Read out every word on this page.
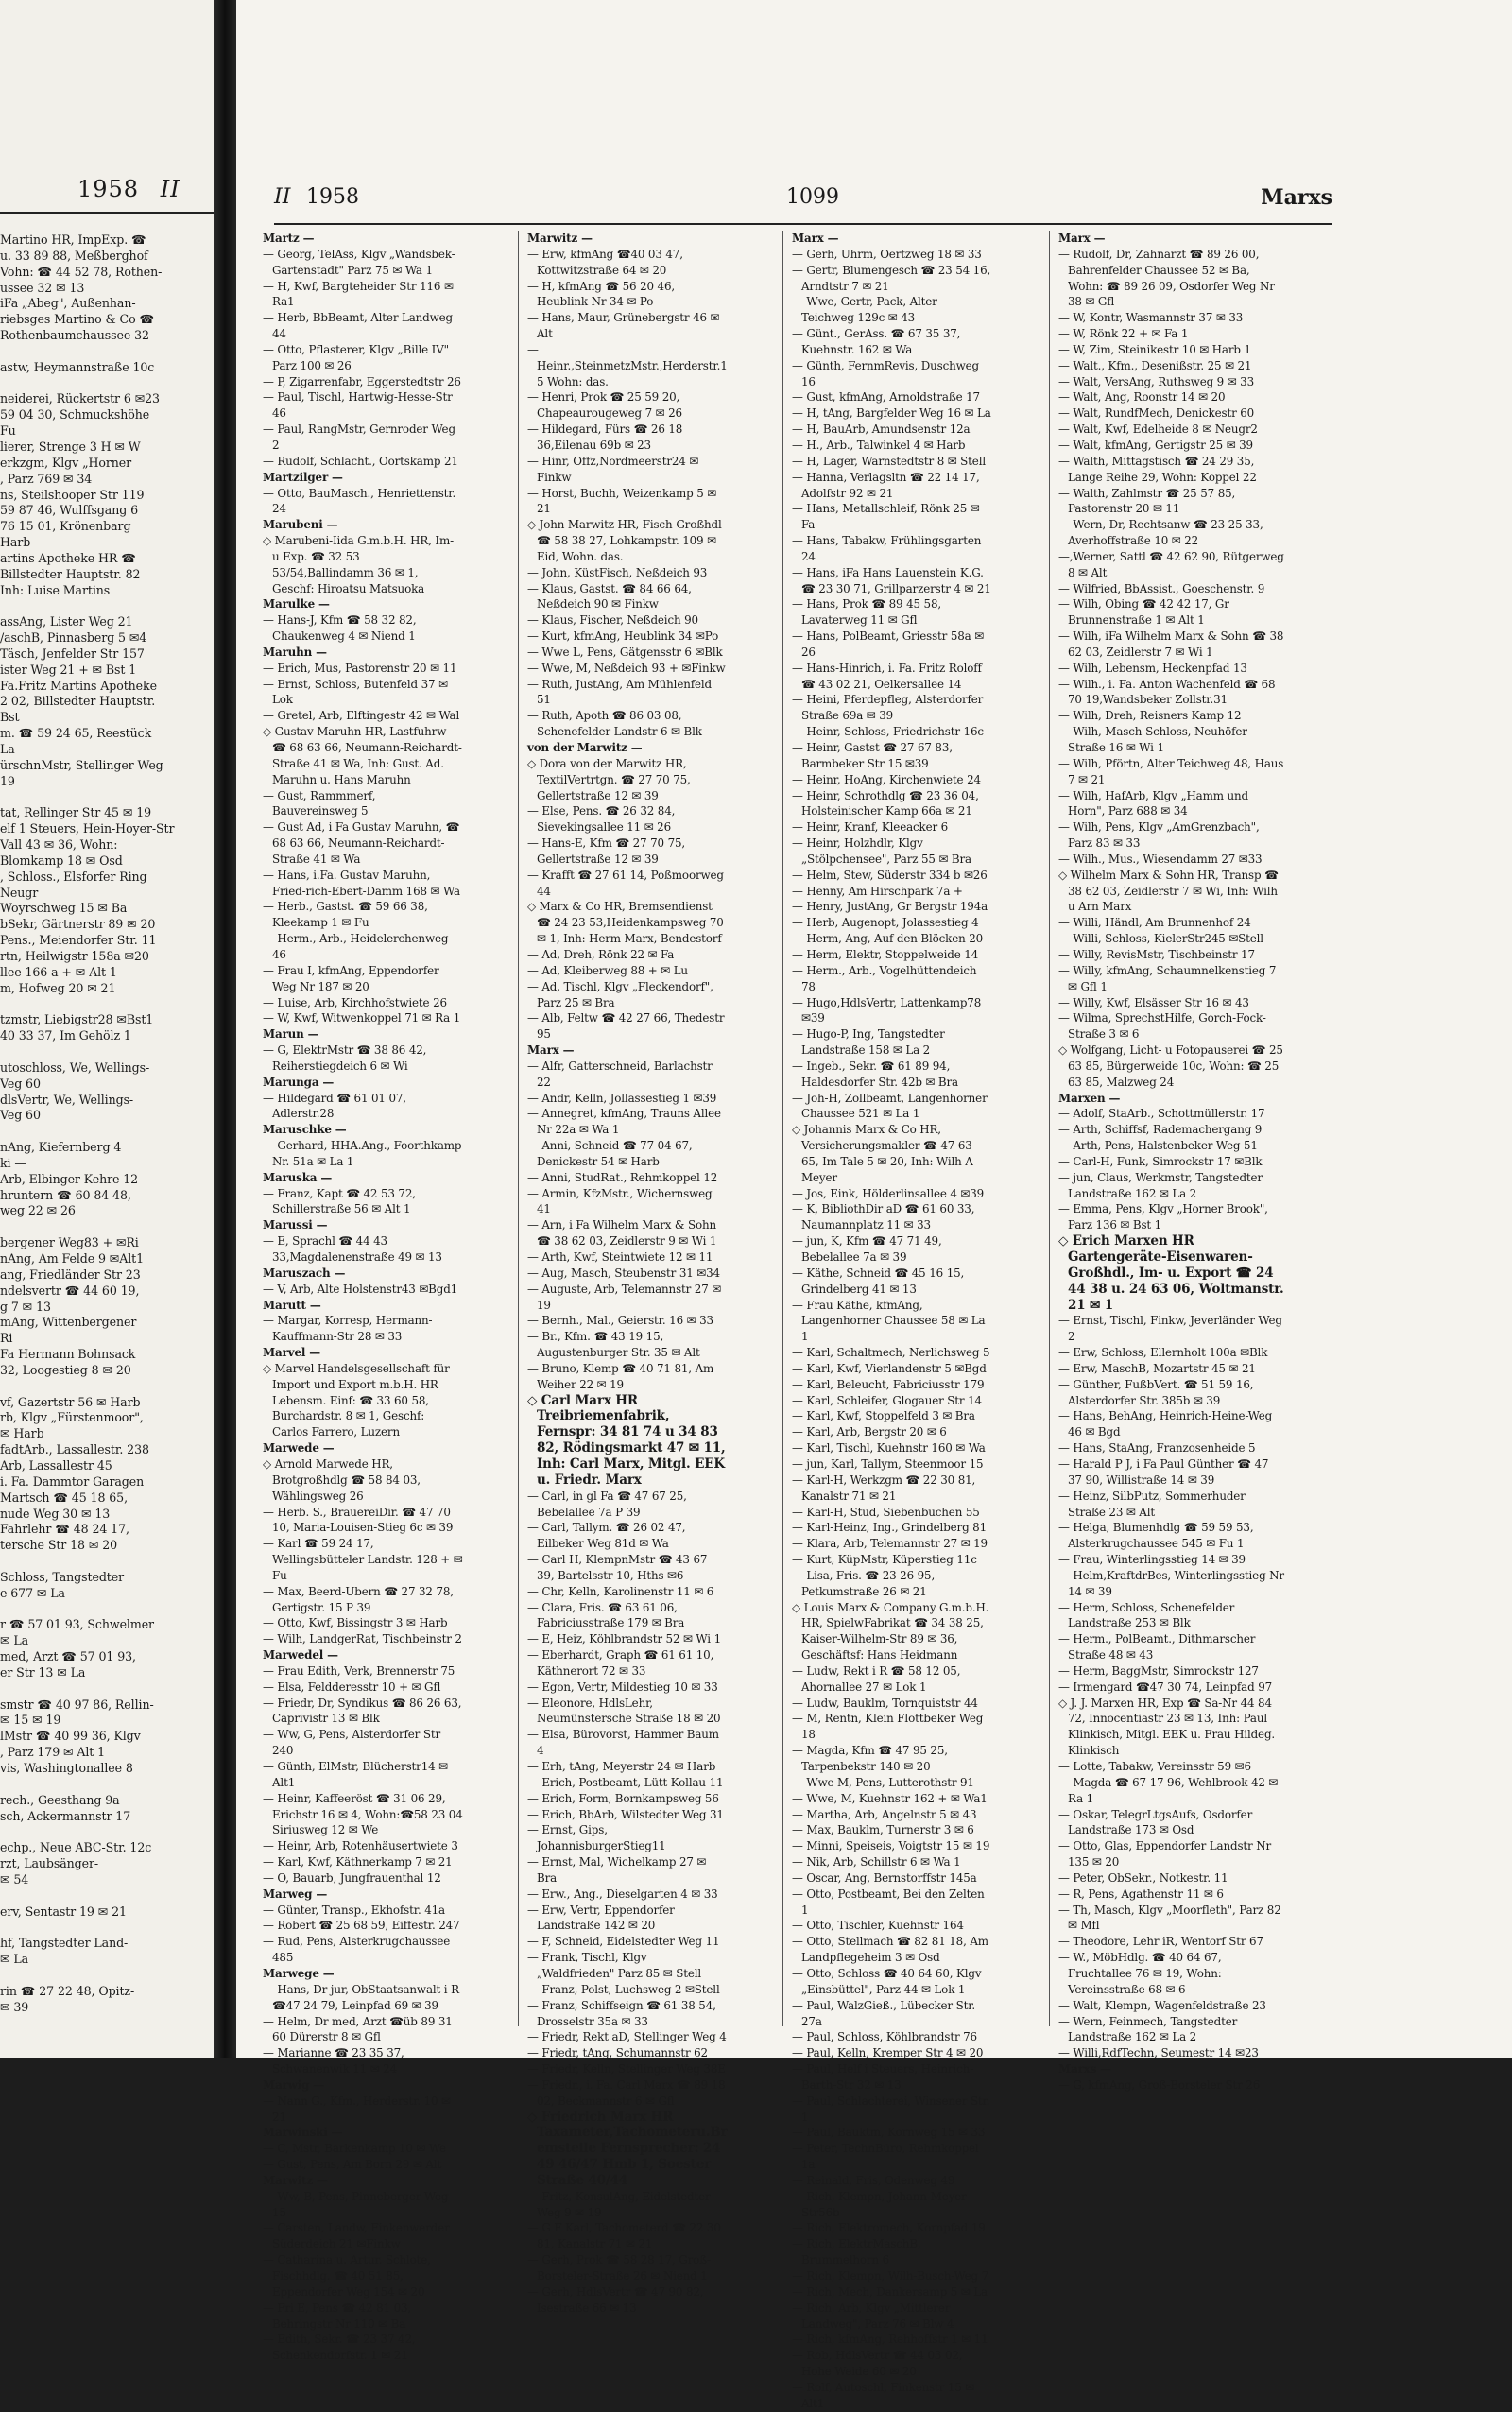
1958 II
Martino HR, ImpExp. ☎
u. 33 89 88, Meßberghof
Vohn: ☎ 44 52 78, Rothen-
ussee 32 ✉ 13
iFa „Abeg", Außenhan-
riebsges Martino & Co ☎
Rothenbaumchaussee 32

astw, Heymannstraße 10c

neiderei, Rückertstr 6 ✉23
59 04 30, Schmuckshöhe
Fu
lierer, Strenge 3 H ✉ W
erkzgm, Klgv „Horner
, Parz 769 ✉ 34
ns, Steilshooper Str 119
59 87 46, Wulffsgang 6
76 15 01, Krönenbarg
Harb
artins Apotheke HR ☎
Billstedter Hauptstr. 82
Inh: Luise Martins

assAng, Lister Weg 21
/aschB, Pinnasberg 5 ✉4
Täsch, Jenfelder Str 157
ister Weg 21 + ✉ Bst 1
Fa.Fritz Martins Apotheke
2 02, Billstedter Hauptstr.
Bst
m. ☎ 59 24 65, Reestück
La
ürschnMstr, Stellinger Weg
19

tat, Rellinger Str 45 ✉ 19
elf 1 Steuers, Hein-Hoyer-Str
Vall 43 ✉ 36, Wohn:
Blomkamp 18 ✉ Osd
, Schloss., Elsforfer Ring
Neugr
Woyrschweg 15 ✉ Ba
bSekr, Gärtnerstr 89 ✉ 20
Pens., Meiendorfer Str. 11
rtn, Heilwigstr 158a ✉20
llee 166 a + ✉ Alt 1
m, Hofweg 20 ✉ 21

tzmstr, Liebigstr28 ✉Bst1
40 33 37, Im Gehölz 1

utoschloss, We, Wellings-
Veg 60
dlsVertr, We, Wellings-
Veg 60

nAng, Kiefernberg 4
ki —
Arb, Elbinger Kehre 12
hruntern ☎ 60 84 48,
weg 22 ✉ 26

bergener Weg83 + ✉Ri
nAng, Am Felde 9 ✉Alt1
ang, Friedländer Str 23
ndelsvertr ☎ 44 60 19,
g 7 ✉ 13
mAng, Wittenbergener
Ri
Fa Hermann Bohnsack
32, Loogestieg 8 ✉ 20

vf, Gazertstr 56 ✉ Harb
rb, Klgv „Fürstenmoor",
✉ Harb
fadtArb., Lassallestr. 238
Arb, Lassallestr 45
i. Fa. Dammtor Garagen
Martsch ☎ 45 18 65,
nude Weg 30 ✉ 13
Fahrlehr ☎ 48 24 17,
tersche Str 18 ✉ 20

Schloss, Tangstedter
e 677 ✉ La

r ☎ 57 01 93, Schwelmer
✉ La
med, Arzt ☎ 57 01 93,
er Str 13 ✉ La

smstr ☎ 40 97 86, Rellin-
✉ 15 ✉ 19
lMstr ☎ 40 99 36, Klgv
, Parz 179 ✉ Alt 1
vis, Washingtonallee 8

rech., Geesthang 9a
sch, Ackermannstr 17

echp., Neue ABC-Str. 12c
rzt, Laubsänger-
✉ 54

erv, Sentastr 19 ✉ 21

hf, Tangstedter Land-
✉ La

rin ☎ 27 22 48, Opitz-
✉ 39
II 1958	1099	Marxs
Martz —
— Georg, TelAss, Klgv „Wandsbek-Gartenstadt" Parz 75 ✉ Wa 1
— H, Kwf, Bargteheider Str 116 ✉Ra1
— Herb, BbBeamt, Alter Landweg 44
— Otto, Pflasterer, Klgv „Bille IV" Parz 100 ✉ 26
— P, Zigarrenfabr, Eggerstedtstr 26
— Paul, Tischl, Hartwig-Hesse-Str 46
— Paul, RangMstr, Gernroder Weg 2
— Rudolf, Schlacht., Oortskamp 21
Martzilger —
— Otto, BauMasch., Henriettenstr. 24
Marubeni —
◇ Marubeni-Iida G.m.b.H. HR, Im- u Exp. ☎ 32 53 53/54,Ballindamm 36 ✉ 1, Geschf: Hiroatsu Matsuoka
Marulke —
— Hans-J, Kfm ☎ 58 32 82, Chaukenweg 4 ✉ Niend 1
Maruhn —
— Erich, Mus, Pastorenstr 20 ✉ 11
— Ernst, Schloss, Butenfeld 37 ✉ Lok
— Gretel, Arb, Elftingestr 42 ✉ Wal
◇ Gustav Maruhn HR, Lastfuhrw ☎ 68 63 66, Neumann-Reichardt-Straße 41 ✉ Wa, Inh: Gust. Ad. Maruhn u. Hans Maruhn
— Gust, Rammmerf, Bauvereinsweg 5
— Gust Ad, i Fa Gustav Maruhn, ☎ 68 63 66, Neumann-Reichardt-Straße 41 ✉ Wa
— Hans, i.Fa. Gustav Maruhn, Fried-rich-Ebert-Damm 168 ✉ Wa
— Herb., Gastst. ☎ 59 66 38, Kleekamp 1 ✉ Fu
— Herm., Arb., Heidelerchenweg 46
— Frau I, kfmAng, Eppendorfer Weg Nr 187 ✉ 20
— Luise, Arb, Kirchhofstwiete 26
— W, Kwf, Witwenkoppel 71 ✉ Ra 1
Marun —
— G, ElektrMstr ☎ 38 86 42, Reiherstiegdeich 6 ✉ Wi
Marunga —
— Hildegard ☎ 61 01 07, Adlerstr.28
Maruschke —
— Gerhard, HHA.Ang., Foorthkamp Nr. 51a ✉ La 1
Maruska —
— Franz, Kapt ☎ 42 53 72, Schillerstraße 56 ✉ Alt 1
Marussi —
— E, Sprachl ☎ 44 43 33,Magdalenenstraße 49 ✉ 13
Maruszach —
— V, Arb, Alte Holstenstr43 ✉Bgd1
Marutt —
— Margar, Korresp, Hermann-Kauffmann-Str 28 ✉ 33
Marvel —
◇ Marvel Handelsgesellschaft für Import und Export m.b.H. HR Lebensm. Einf: ☎ 33 60 58, Burchardstr. 8 ✉ 1, Geschf: Carlos Farrero, Luzern
Marwede —
◇ Arnold Marwede HR, Brotgroßhdlg ☎ 58 84 03, Wählingsweg 26
— Herb. S., BrauereiDir. ☎ 47 70 10, Maria-Louisen-Stieg 6c ✉ 39
— Karl ☎ 59 24 17, Wellingsbütteler Landstr. 128 + ✉ Fu
— Max, Beerd-Ubern ☎ 27 32 78, Gertigstr. 15 P 39
— Otto, Kwf, Bissingstr 3 ✉ Harb
— Wilh, LandgerRat, Tischbeinstr 2
Marwedel —
— Frau Edith, Verk, Brennerstr 75
— Elsa, Feldderesstr 10 + ✉ Gfl
— Friedr, Dr, Syndikus ☎ 86 26 63, Caprivistr 13 ✉ Blk
— Ww, G, Pens, Alsterdorfer Str 240
— Günth, ElMstr, Blücherstr14 ✉Alt1
— Heinr, Kaffeeröst ☎ 31 06 29, Erichstr 16 ✉ 4, Wohn:☎58 23 04 Siriusweg 12 ✉ We
— Heinr, Arb, Rotenhäusertwiete 3
— Karl, Kwf, Käthnerkamp 7 ✉ 21
— O, Bauarb, Jungfrauenthal 12
Marweg —
— Günter, Transp., Ekhofstr. 41a
— Robert ☎ 25 68 59, Eiffestr. 247
— Rud, Pens, Alsterkrugchaussee 485
Marwege —
— Hans, Dr jur, ObStaatsanwalt i R ☎47 24 79, Leinpfad 69 ✉ 39
— Helm, Dr med, Arzt ☎üb 89 31 60 Dürerstr 8 ✉ Gfl
— Marianne ☎ 23 35 37, Schwanenwik 11 ✉ 24
Marwig —
— Nann G., Kfm., Herderstr. 10 ✉ 21
Marwinski —
— C, Mstr, Barkenkamp 10 ✉ We
— Gust, Pens, Am Born 29 ✉ Alt
Marwitz —
— Ww, B, Pens, Pinneberger Weg 15
— Carsten, Landw, Finkenwerder Süderdeich 21 ✉Finkw
— Catharina u. Artur. Schlote, Fischhdlg. ☎ 40 51 85, Eppendorfer Weg 154 ✉ 20
— Fri E, Pens ☎ 42 81 03, Behringstr Nr 110 ✉ Ba
— Edith, Sekr. ☎ 23 37 42, Schenkendorfstr. 1 ✉ 21
Marwitz —
— Erw, kfmAng ☎40 03 47, Kottwitzstraße 64 ✉ 20
— H, kfmAng ☎ 56 20 46, Heublink Nr 34 ✉ Po
— Hans, Maur, Grünebergstr 46 ✉Alt
— Heinr.,SteinmetzMstr.,Herderstr.15 Wohn: das.
— Henri, Prok ☎ 25 59 20, Chapeaurougeweg 7 ✉ 26
— Hildegard, Fürs ☎ 26 18 36,Eilenau 69b ✉ 23
— Hinr, Offz,Nordmeerstr24 ✉Finkw
— Horst, Buchh, Weizenkamp 5 ✉21
◇ John Marwitz HR, Fisch-Großhdl ☎ 58 38 27, Lohkampstr. 109 ✉ Eid, Wohn. das.
— John, KüstFisch, Neßdeich 93
— Klaus, Gastst. ☎ 84 66 64, Neßdeich 90 ✉ Finkw
— Klaus, Fischer, Neßdeich 90
— Kurt, kfmAng, Heublink 34 ✉Po
— Wwe L, Pens, Gätgensstr 6 ✉Blk
— Wwe, M, Neßdeich 93 + ✉Finkw
— Ruth, JustAng, Am Mühlenfeld 51
— Ruth, Apoth ☎ 86 03 08, Schenefelder Landstr 6 ✉ Blk
von der Marwitz —
◇ Dora von der Marwitz HR, TextilVertrtgn. ☎ 27 70 75, Gellertstraße 12 ✉ 39
— Else, Pens. ☎ 26 32 84, Sievekingsallee 11 ✉ 26
— Hans-E, Kfm ☎ 27 70 75, Gellertstraße 12 ✉ 39
— Krafft ☎ 27 61 14, Poßmoorweg 44
◇ Marx & Co HR, Bremsendienst ☎ 24 23 53,Heidenkampsweg 70 ✉ 1, Inh: Herm Marx, Bendestorf
— Ad, Dreh, Rönk 22 ✉ Fa
— Ad, Kleiberweg 88 + ✉ Lu
— Ad, Tischl, Klgv „Fleckendorf", Parz 25 ✉ Bra
— Alb, Feltw ☎ 42 27 66, Thedestr 95
Marx —
— Alfr, Gatterschneid, Barlachstr 22
— Andr, Kelln, Jollassestieg 1 ✉39
— Annegret, kfmAng, Trauns Allee Nr 22a ✉ Wa 1
— Anni, Schneid ☎ 77 04 67, Denickestr 54 ✉ Harb
— Anni, StudRat., Rehmkoppel 12
— Armin, KfzMstr., Wichernsweg 41
— Arn, i Fa Wilhelm Marx & Sohn ☎ 38 62 03, Zeidlerstr 9 ✉ Wi 1
— Arth, Kwf, Steintwiete 12 ✉ 11
— Aug, Masch, Steubenstr 31 ✉34
— Auguste, Arb, Telemannstr 27 ✉19
— Bernh., Mal., Geierstr. 16 ✉ 33
— Br., Kfm. ☎ 43 19 15, Augustenburger Str. 35 ✉ Alt
— Bruno, Klemp ☎ 40 71 81, Am Weiher 22 ✉ 19
◇ Carl Marx HR Treibriemenfabrik, Fernspr: 34 81 74 u 34 83 82, Rödingsmarkt 47 ✉ 11, Inh: Carl Marx, Mitgl. EEK u. Friedr. Marx
— Carl, in gl Fa ☎ 47 67 25, Bebelallee 7a P 39
— Carl, Tallym. ☎ 26 02 47, Eilbeker Weg 81d ✉ Wa
— Carl H, KlempnMstr ☎ 43 67 39, Bartelsstr 10, Hths ✉6
— Chr, Kelln, Karolinenstr 11 ✉ 6
— Clara, Fris. ☎ 63 61 06, Fabriciusstraße 179 ✉ Bra
— E, Heiz, Köhlbrandstr 52 ✉ Wi 1
— Eberhardt, Graph ☎ 61 61 10, Käthnerort 72 ✉ 33
— Egon, Vertr, Mildestieg 10 ✉ 33
— Eleonore, HdlsLehr, Neumünstersche Straße 18 ✉ 20
— Elsa, Bürovorst, Hammer Baum 4
— Erh, tAng, Meyerstr 24 ✉ Harb
— Erich, Postbeamt, Lütt Kollau 11
— Erich, Form, Bornkampsweg 56
— Erich, BbArb, Wilstedter Weg 31
— Ernst, Gips, JohannisburgerStieg11
— Ernst, Mal, Wichelkamp 27 ✉ Bra
— Erw., Ang., Dieselgarten 4 ✉ 33
— Erw, Vertr, Eppendorfer Landstraße 142 ✉ 20
— F, Schneid, Eidelstedter Weg 11
— Frank, Tischl, Klgv „Waldfrieden" Parz 85 ✉ Stell
— Franz, Polst, Luchsweg 2 ✉Stell
— Franz, Schiffseign ☎ 61 38 54, Drosselstr 35a ✉ 33
— Friedr, Rekt aD, Stellinger Weg 4
— Friedr, tAng, Schumannstr 62
— Friedr, Kelln, Stellinger Weg 38E
— Friedr., i. Fa. Carl Marx ☎ 89 18 02, Beckmannstr 6 ✉ Gfl
◇ Friedrich Marx HR Taxameter,Tachometeru.Bremsteile Fernsprecher: 24 49 46/47 Hmb 1, Soester Straße 40/44
— Fritz, KonsulAng, Eidelstedter Weg 9 ✉ 19
— G F Karl, Tachometerd ☎ 22 30 81, Kanalstr 71 ✉ 21
— Gerh, Prok ☎ 58 28 17, Groß-Borsteler-Straße 26 ✉ Niend 1
— Gerh, HdlsVertr ☎ 47 90 82, Isestraße 66 ✉ 13
Marx —
— Gerh, Uhrm, Oertzweg 18 ✉ 33
— Gertr, Blumengesch ☎ 23 54 16, Arndtstr 7 ✉ 21
— Wwe, Gertr, Pack, Alter Teichweg 129c ✉ 43
— Günt., GerAss. ☎ 67 35 37, Kuehnstr. 162 ✉ Wa
— Günth, FernmRevis, Duschweg 16
— Gust, kfmAng, Arnoldstraße 17
— H, tAng, Bargfelder Weg 16 ✉ La
— H, BauArb, Amundsenstr 12a
— H., Arb., Talwinkel 4 ✉ Harb
— H, Lager, Warnstedtstr 8 ✉ Stell
— Hanna, Verlagsltn ☎ 22 14 17, Adolfstr 92 ✉ 21
— Hans, Metallschleif, Rönk 25 ✉Fa
— Hans, Tabakw, Frühlingsgarten 24
— Hans, iFa Hans Lauenstein K.G. ☎ 23 30 71, Grillparzerstr 4 ✉ 21
— Hans, Prok ☎ 89 45 58, Lavaterweg 11 ✉ Gfl
— Hans, PolBeamt, Griesstr 58a ✉26
— Hans-Hinrich, i. Fa. Fritz Roloff ☎ 43 02 21, Oelkersallee 14
— Heini, Pferdepfleg, Alsterdorfer Straße 69a ✉ 39
— Heinr, Schloss, Friedrichstr 16c
— Heinr, Gastst ☎ 27 67 83, Barmbeker Str 15 ✉39
— Heinr, HoAng, Kirchenwiete 24
— Heinr, Schrothdlg ☎ 23 36 04, Holsteinischer Kamp 66a ✉ 21
— Heinr, Kranf, Kleeacker 6
— Heinr, Holzhdlr, Klgv „Stölpchensee", Parz 55 ✉ Bra
— Helm, Stew, Süderstr 334 b ✉26
— Henny, Am Hirschpark 7a +
— Henry, JustAng, Gr Bergstr 194a
— Herb, Augenopt, Jolassestieg 4
— Herm, Ang, Auf den Blöcken 20
— Herm, Elektr, Stoppelweide 14
— Herm., Arb., Vogelhüttendeich 78
— Hugo,HdlsVertr, Lattenkamp78 ✉39
— Hugo-P, Ing, Tangstedter Landstraße 158 ✉ La 2
— Ingeb., Sekr. ☎ 61 89 94, Haldesdorfer Str. 42b ✉ Bra
— Joh-H, Zollbeamt, Langenhorner Chaussee 521 ✉ La 1
◇ Johannis Marx & Co HR, Versicherungsmakler ☎ 47 63 65, Im Tale 5 ✉ 20, Inh: Wilh A Meyer
— Jos, Eink, Hölderlinsallee 4 ✉39
— K, BibliothDir aD ☎ 61 60 33, Naumannplatz 11 ✉ 33
— jun, K, Kfm ☎ 47 71 49, Bebelallee 7a ✉ 39
— Käthe, Schneid ☎ 45 16 15, Grindelberg 41 ✉ 13
— Frau Käthe, kfmAng, Langenhorner Chaussee 58 ✉ La 1
— Karl, Schaltmech, Nerlichsweg 5
— Karl, Kwf, Vierlandenstr 5 ✉Bgd
— Karl, Beleucht, Fabriciusstr 179
— Karl, Schleifer, Glogauer Str 14
— Karl, Kwf, Stoppelfeld 3 ✉ Bra
— Karl, Arb, Bergstr 20 ✉ 6
— Karl, Tischl, Kuehnstr 160 ✉ Wa
— jun, Karl, Tallym, Steenmoor 15
— Karl-H, Werkzgm ☎ 22 30 81, Kanalstr 71 ✉ 21
— Karl-H, Stud, Siebenbuchen 55
— Karl-Heinz, Ing., Grindelberg 81
— Klara, Arb, Telemannstr 27 ✉ 19
— Kurt, KüpMstr, Küperstieg 11c
— Lisa, Fris. ☎ 23 26 95, Petkumstraße 26 ✉ 21
◇ Louis Marx & Company G.m.b.H. HR, SpielwFabrikat ☎ 34 38 25, Kaiser-Wilhelm-Str 89 ✉ 36, Geschäftsf: Hans Heidmann
— Ludw, Rekt i R ☎ 58 12 05, Ahornallee 27 ✉ Lok 1
— Ludw, Bauklm, Tornquiststr 44
— M, Rentn, Klein Flottbeker Weg 18
— Magda, Kfm ☎ 47 95 25, Tarpenbekstr 140 ✉ 20
— Wwe M, Pens, Lutterothstr 91
— Wwe, M, Kuehnstr 162 + ✉ Wa1
— Martha, Arb, Angelnstr 5 ✉ 43
— Max, Bauklm, Turnerstr 3 ✉ 6
— Minni, Speiseis, Voigtstr 15 ✉ 19
— Nik, Arb, Schillstr 6 ✉ Wa 1
— Oscar, Ang, Bernstorffstr 145a
— Otto, Postbeamt, Bei den Zelten 1
— Otto, Tischler, Kuehnstr 164
— Otto, Stellmach ☎ 82 81 18, Am Landpflegeheim 3 ✉ Osd
— Otto, Schloss ☎ 40 64 60, Klgv „Einsbüttel", Parz 44 ✉ Lok 1
— Paul, WalzGieß., Lübecker Str. 27a
— Paul, Schloss, Köhlbrandstr 76
— Paul, Kelln, Kremper Str 4 ✉ 20
— Paul, Helf i Steuers, Heinrich-Barth-Str 32 ✉ 13
— Paul, Schlachterei, Winsener Str. 1
— Paul, Bauktm, Kornweg 15 ✉ 33
— Peter, TechnBüro, Rehmkoppel 1a
— Reinald, Fris, Odenweg 49
— Rich, Klempn, Johann-Meyer-Str56b
— Rich, Elektromech, Kornpfad 19
— Rich, ElektrMaschB, Brummelhorn 6
— Rich, Klempn, Wilh-Busch-Weg 7
— Rich, Mech, Dankersamp 5 ✉ La
— Rich, Arb, Klgv „Mittlerer Landweg", Parz 76 ✉ Blw 4
— Rich, kfmAng, Rehhoffstr 1 ✉ 11
— Rob, HdlsVertr ☎ 44 03 02, Hohe Weide 60 ✉ 20
— Rolf, Autoschl, Finkenstr 15 ✉Alt1
Marx —
— Rudolf, Dr, Zahnarzt ☎ 89 26 00, Bahrenfelder Chaussee 52 ✉ Ba, Wohn: ☎ 89 26 09, Osdorfer Weg Nr 38 ✉ Gfl
— W, Kontr, Wasmannstr 37 ✉ 33
— W, Rönk 22 + ✉ Fa 1
— W, Zim, Steinikestr 10 ✉ Harb 1
— Walt., Kfm., Desenißstr. 25 ✉ 21
— Walt, VersAng, Ruthsweg 9 ✉ 33
— Walt, Ang, Roonstr 14 ✉ 20
— Walt, RundfMech, Denickestr 60
— Walt, Kwf, Edelheide 8 ✉ Neugr2
— Walt, kfmAng, Gertigstr 25 ✉ 39
— Walth, Mittagstisch ☎ 24 29 35, Lange Reihe 29, Wohn: Koppel 22
— Walth, Zahlmstr ☎ 25 57 85, Pastorenstr 20 ✉ 11
— Wern, Dr, Rechtsanw ☎ 23 25 33, Averhoffstraße 10 ✉ 22
—,Werner, Sattl ☎ 42 62 90, Rütgerweg 8 ✉ Alt
— Wilfried, BbAssist., Goeschenstr. 9
— Wilh, Obing ☎ 42 42 17, Gr Brunnenstraße 1 ✉ Alt 1
— Wilh, iFa Wilhelm Marx & Sohn ☎ 38 62 03, Zeidlerstr 7 ✉ Wi 1
— Wilh, Lebensm, Heckenpfad 13
— Wilh., i. Fa. Anton Wachenfeld ☎ 68 70 19,Wandsbeker Zollstr.31
— Wilh, Dreh, Reisners Kamp 12
— Wilh, Masch-Schloss, Neuhöfer Straße 16 ✉ Wi 1
— Wilh, Pförtn, Alter Teichweg 48, Haus 7 ✉ 21
— Wilh, HafArb, Klgv „Hamm und Horn", Parz 688 ✉ 34
— Wilh, Pens, Klgv „AmGrenzbach", Parz 83 ✉ 33
— Wilh., Mus., Wiesendamm 27 ✉33
◇ Wilhelm Marx & Sohn HR, Transp ☎ 38 62 03, Zeidlerstr 7 ✉ Wi, Inh: Wilh u Arn Marx
— Willi, Händl, Am Brunnenhof 24
— Willi, Schloss, KielerStr245 ✉Stell
— Willy, RevisMstr, Tischbeinstr 17
— Willy, kfmAng, Schaumnelkenstieg 7 ✉ Gfl 1
— Willy, Kwf, Elsässer Str 16 ✉ 43
— Wilma, SprechstHilfe, Gorch-Fock-Straße 3 ✉ 6
◇ Wolfgang, Licht- u Fotopauserei ☎ 25 63 85, Bürgerweide 10c, Wohn: ☎ 25 63 85, Malzweg 24
Marxen —
— Adolf, StaArb., Schottmüllerstr. 17
— Arth, Schiffsf, Rademachergang 9
— Arth, Pens, Halstenbeker Weg 51
— Carl-H, Funk, Simrockstr 17 ✉Blk
— jun, Claus, Werkmstr, Tangstedter Landstraße 162 ✉ La 2
— Emma, Pens, Klgv „Horner Brook", Parz 136 ✉ Bst 1
◇ Erich Marxen HR Gartengeräte-Eisenwaren-Großhdl., Im- u. Export ☎ 24 44 38 u. 24 63 06, Woltmanstr. 21 ✉ 1
— Ernst, Tischl, Finkw, Jeverländer Weg 2
— Erw, Schloss, Ellernholt 100a ✉Blk
— Erw, MaschB, Mozartstr 45 ✉ 21
— Günther, FußbVert. ☎ 51 59 16, Alsterdorfer Str. 385b ✉ 39
— Hans, BehAng, Heinrich-Heine-Weg 46 ✉ Bgd
— Hans, StaAng, Franzosenheide 5
— Harald P J, i Fa Paul Günther ☎ 47 37 90, Willistraße 14 ✉ 39
— Heinz, SilbPutz, Sommerhuder Straße 23 ✉ Alt
— Helga, Blumenhdlg ☎ 59 59 53, Alsterkrugchaussee 545 ✉ Fu 1
— Frau, Winterlingsstieg 14 ✉ 39
— Helm,KraftdrBes, Winterlingsstieg Nr 14 ✉ 39
— Herm, Schloss, Schenefelder Landstraße 253 ✉ Blk
— Herm., PolBeamt., Dithmarscher Straße 48 ✉ 43
— Herm, BaggMstr, Simrockstr 127
— Irmengard ☎47 30 74, Leinpfad 97
◇ J. J. Marxen HR, Exp ☎ Sa-Nr 44 84 72, Innocentiastr 23 ✉ 13, Inh: Paul Klinkisch, Mitgl. EEK u. Frau Hildeg. Klinkisch
— Lotte, Tabakw, Vereinsstr 59 ✉6
— Magda ☎ 67 17 96, Wehlbrook 42 ✉ Ra 1
— Oskar, TelegrLtgsAufs, Osdorfer Landstraße 173 ✉ Osd
— Otto, Glas, Eppendorfer Landstr Nr 135 ✉ 20
— Peter, ObSekr., Notkestr. 11
— R, Pens, Agathenstr 11 ✉ 6
— Th, Masch, Klgv „Moorfleth", Parz 82 ✉ Mfl
— Theodore, Lehr iR, Wentorf Str 67
— W., MöbHdlg. ☎ 40 64 67, Fruchtallee 76 ✉ 19, Wohn: Vereinsstraße 68 ✉ 6
— Walt, Klempn, Wagenfeldstraße 23
— Wern, Feinmech, Tangstedter Landstraße 162 ✉ La 2
— Willi,RdfTechn, Seumestr 14 ✉23
Marxs —
— G, kfmAng, Groß-Borsteler Str 26
